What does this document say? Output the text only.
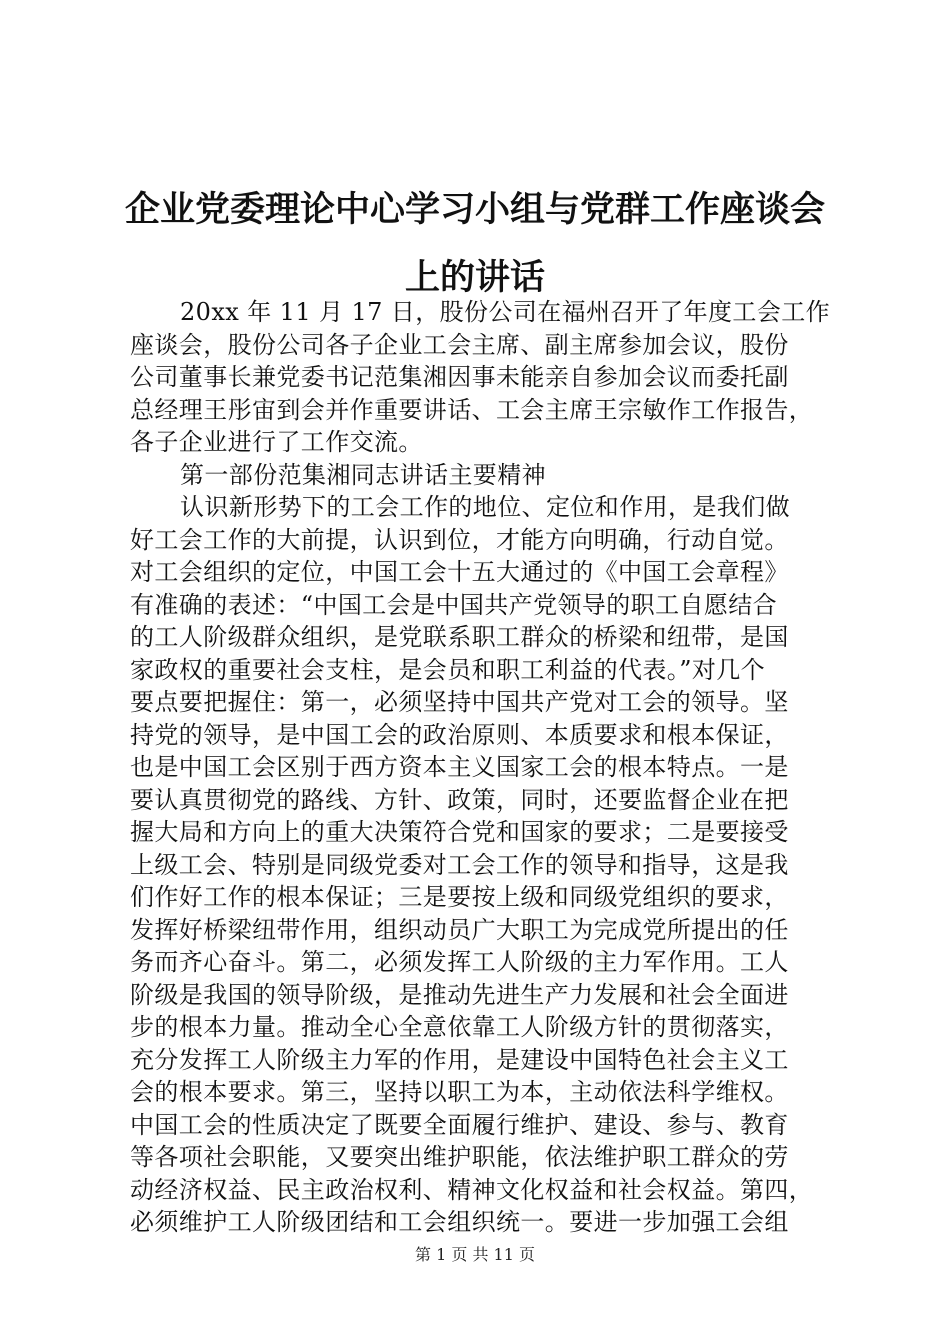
企业党委理论中心学习小组与党群工作座谈会
上的讲话
20xx 年 11 月 17 日，股份公司在福州召开了年度工会工作
座谈会，股份公司各子企业工会主席、副主席参加会议，股份
公司董事长兼党委书记范集湘因事未能亲自参加会议而委托副
总经理王彤宙到会并作重要讲话、工会主席王宗敏作工作报告，
各子企业进行了工作交流。
第一部份范集湘同志讲话主要精神
认识新形势下的工会工作的地位、定位和作用，是我们做
好工会工作的大前提，认识到位，才能方向明确，行动自觉。
对工会组织的定位，中国工会十五大通过的《中国工会章程》
有准确的表述：“中国工会是中国共产党领导的职工自愿结合
的工人阶级群众组织，是党联系职工群众的桥梁和纽带，是国
家政权的重要社会支柱，是会员和职工利益的代表。”对几个
要点要把握住：第一，必须坚持中国共产党对工会的领导。坚
持党的领导，是中国工会的政治原则、本质要求和根本保证，
也是中国工会区别于西方资本主义国家工会的根本特点。一是
要认真贯彻党的路线、方针、政策，同时，还要监督企业在把
握大局和方向上的重大决策符合党和国家的要求；二是要接受
上级工会、特别是同级党委对工会工作的领导和指导，这是我
们作好工作的根本保证；三是要按上级和同级党组织的要求，
发挥好桥梁纽带作用，组织动员广大职工为完成党所提出的任
务而齐心奋斗。第二，必须发挥工人阶级的主力军作用。工人
阶级是我国的领导阶级，是推动先进生产力发展和社会全面进
步的根本力量。推动全心全意依靠工人阶级方针的贯彻落实，
充分发挥工人阶级主力军的作用，是建设中国特色社会主义工
会的根本要求。第三，坚持以职工为本，主动依法科学维权。
中国工会的性质决定了既要全面履行维护、建设、参与、教育
等各项社会职能，又要突出维护职能，依法维护职工群众的劳
动经济权益、民主政治权利、精神文化权益和社会权益。第四，
必须维护工人阶级团结和工会组织统一。要进一步加强工会组
第 1 页 共 11 页
